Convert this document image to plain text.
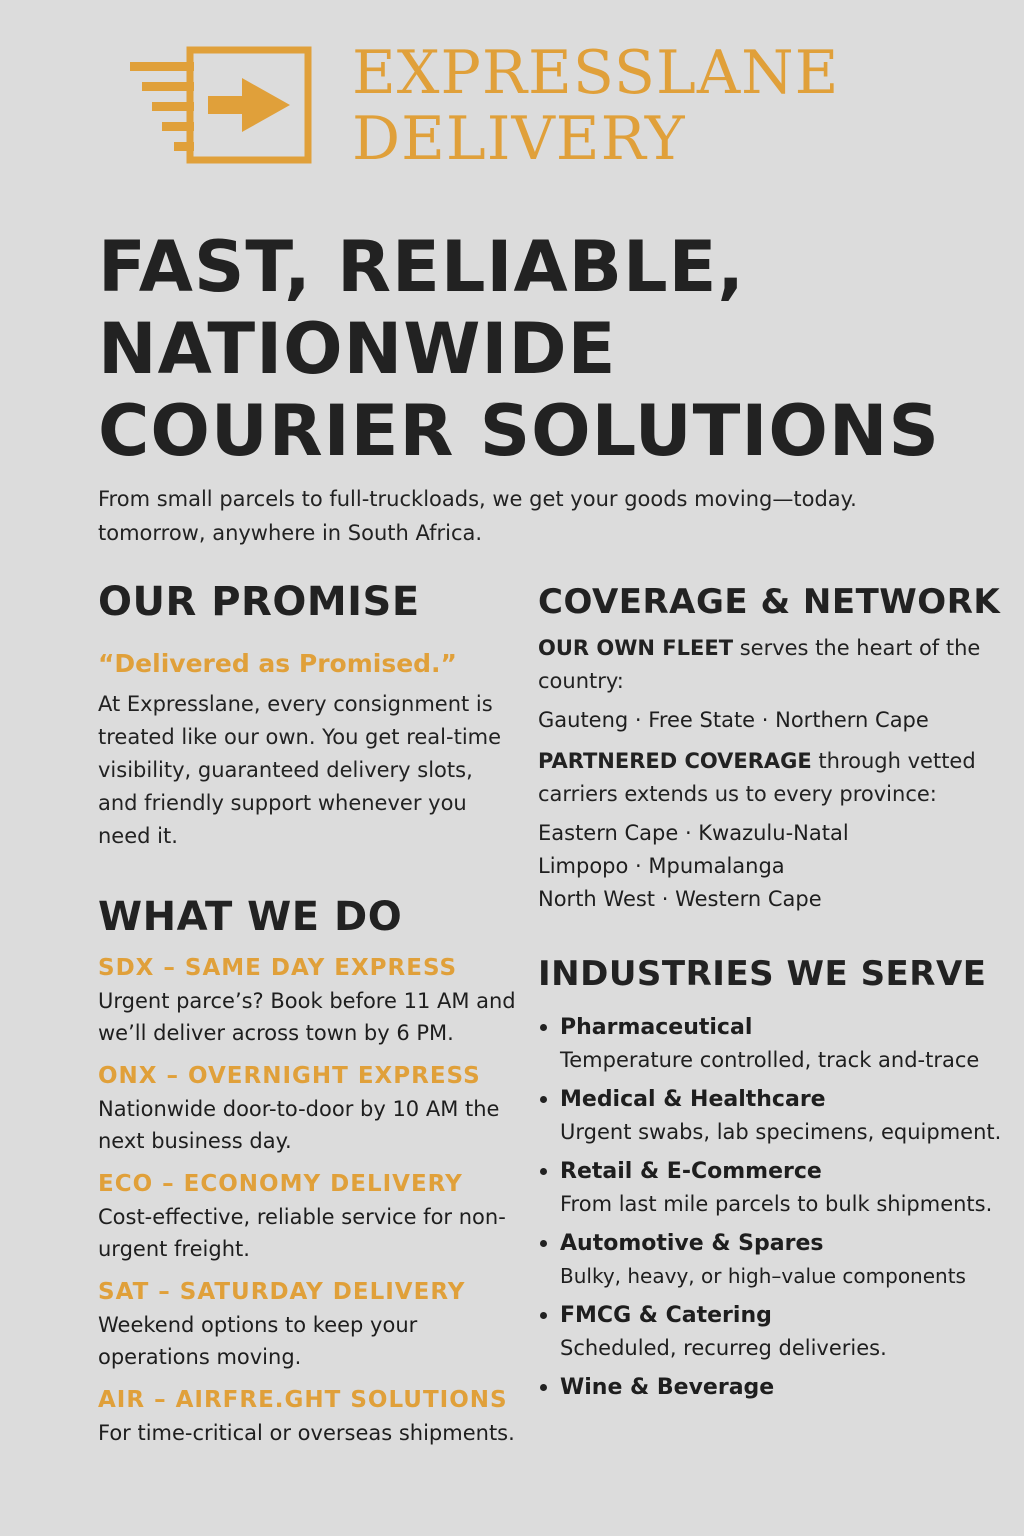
EXPRESSLANE
DELIVERY
FAST, RELIABLE,
NATIONWIDE
COURIER SOLUTIONS
From small parcels to full-truckloads, we get your goods moving—today.
tomorrow, anywhere in South Africa.
OUR PROMISE
“Delivered as Promised.”

At Expresslane, every consignment is treated like our own. You get real-time visibility, guaranteed delivery slots, and friendly support whenever you need it.

WHAT WE DO
SDX – SAME DAY EXPRESS
Urgent parce’s? Book before 11 AM and we’ll deliver across town by 6 PM.
ONX – OVERNIGHT EXPRESS
Nationwide door-to-door by 10 AM the next business day.
ECO – ECONOMY DELIVERY
Cost-effective, reliable service for non-urgent freight.
SAT – SATURDAY DELIVERY
Weekend options to keep your operations moving.
AIR – AIRFRE.GHT SOLUTIONS
For time-critical or overseas shipments.
COVERAGE & NETWORK

OUR OWN FLEET serves the heart of the country:

Gauteng · Free State · Northern Cape

PARTNERED COVERAGE through vetted carriers extends us to every province:

Eastern Cape · Kwazulu-Natal
Limpopo · Mpumalanga
North West · Western Cape
INDUSTRIES WE SERVE
Pharmaceutical
Temperature controlled, track and-trace
Medical & Healthcare
Urgent swabs, lab specimens, equipment.
Retail & E-Commerce
From last mile parcels to bulk shipments.
Automotive & Spares
Bulky, heavy, or high–value components
FMCG & Catering
Scheduled, recurreg deliveries.
Wine & Beverage
